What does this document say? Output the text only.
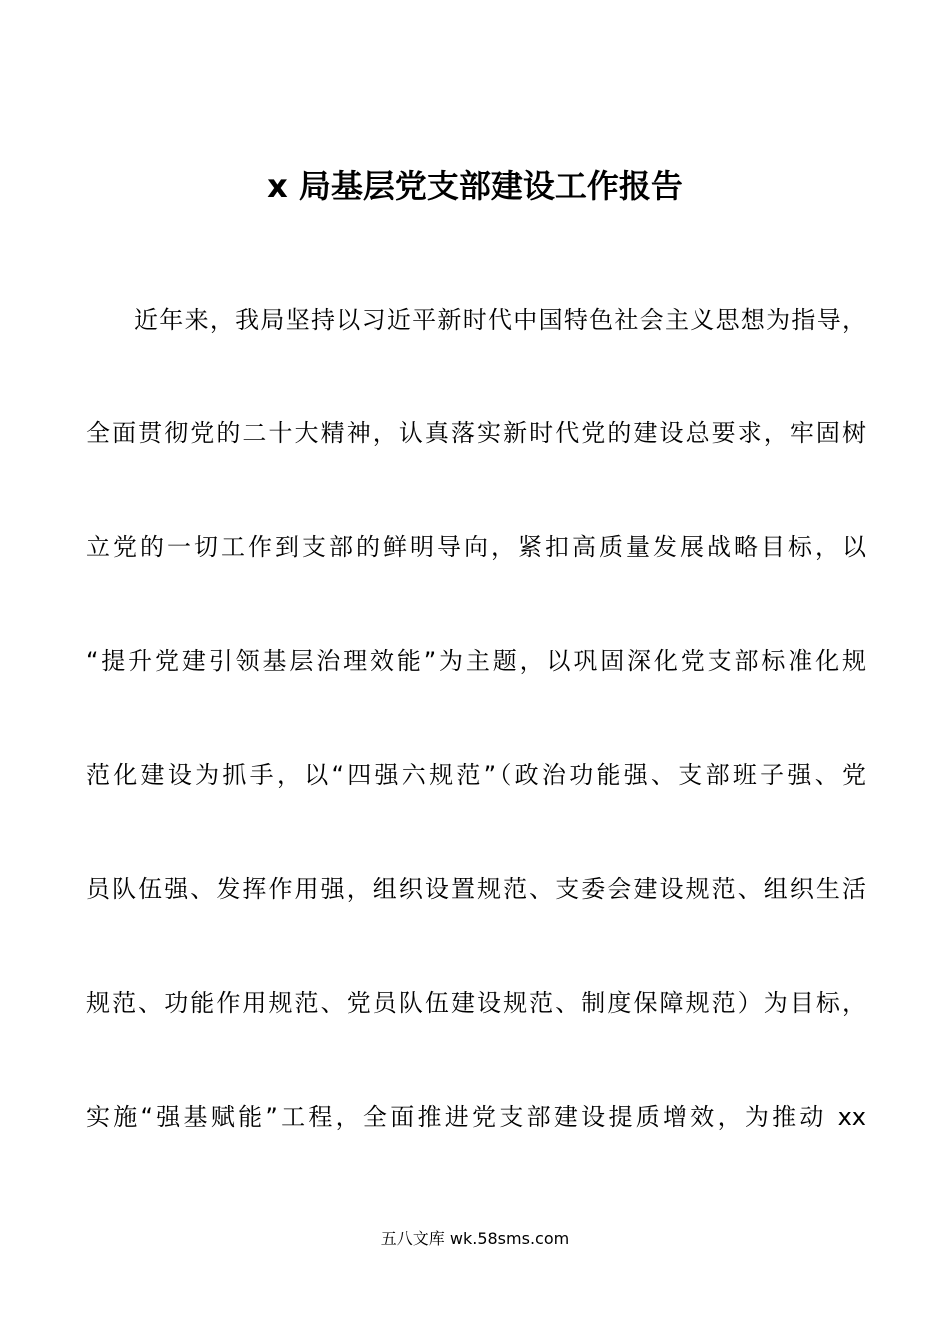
x 局基层党支部建设工作报告

近年来，我局坚持以习近平新时代中国特色社会主义思想为指导，

全面贯彻党的二十大精神，认真落实新时代党的建设总要求，牢固树

立党的一切工作到支部的鲜明导向，紧扣高质量发展战略目标，以

“提升党建引领基层治理效能”为主题，以巩固深化党支部标准化规

范化建设为抓手，以“四强六规范”（政治功能强、支部班子强、党

员队伍强、发挥作用强，组织设置规范、支委会建设规范、组织生活

规范、功能作用规范、党员队伍建设规范、制度保障规范）为目标，

实施“强基赋能”工程，全面推进党支部建设提质增效，为推动 xx

五八文库 wk.58sms.com
